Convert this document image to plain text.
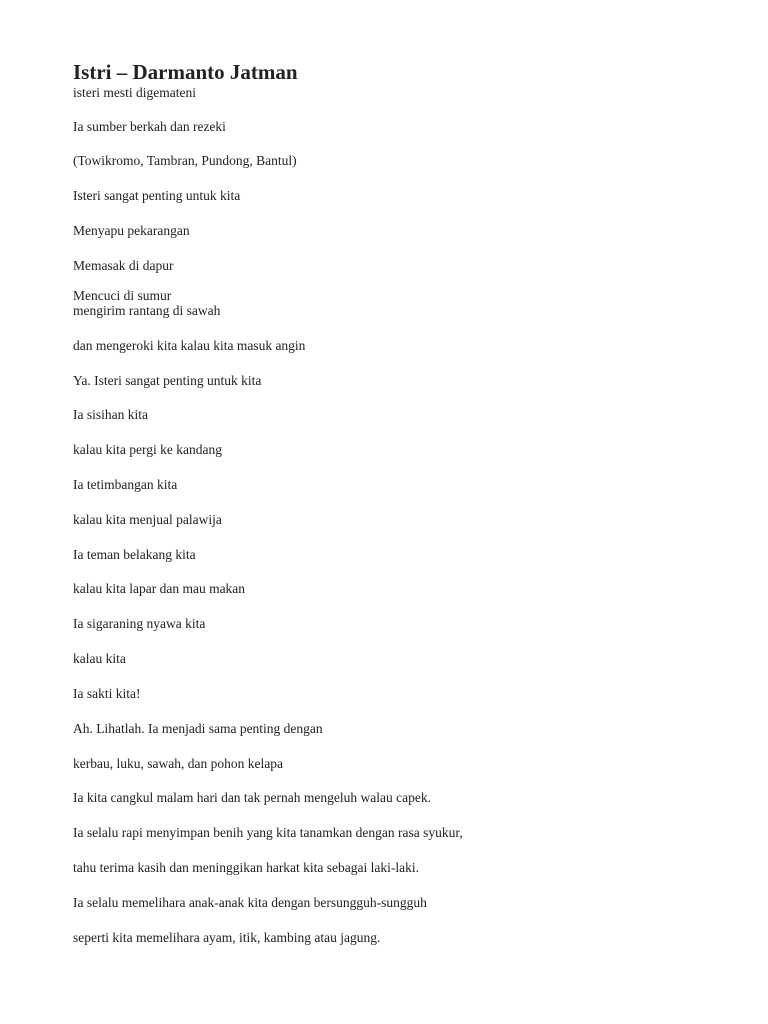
Istri – Darmanto Jatman
isteri mesti digemateni
Ia sumber berkah dan rezeki
(Towikromo, Tambran, Pundong, Bantul)
Isteri sangat penting untuk kita
Menyapu pekarangan
Memasak di dapur
Mencuci di sumur
mengirim rantang di sawah
dan mengeroki kita kalau kita masuk angin
Ya. Isteri sangat penting untuk kita
Ia sisihan kita
kalau kita pergi ke kandang
Ia tetimbangan kita
kalau kita menjual palawija
Ia teman belakang kita
kalau kita lapar dan mau makan
Ia sigaraning nyawa kita
kalau kita
Ia sakti kita!
Ah. Lihatlah. Ia menjadi sama penting dengan
kerbau, luku, sawah, dan pohon kelapa
Ia kita cangkul malam hari dan tak pernah mengeluh walau capek.
Ia selalu rapi menyimpan benih yang kita tanamkan dengan rasa syukur,
tahu terima kasih dan meninggikan harkat kita sebagai laki-laki.
Ia selalu memelihara anak-anak kita dengan bersungguh-sungguh
seperti kita memelihara ayam, itik, kambing atau jagung.
